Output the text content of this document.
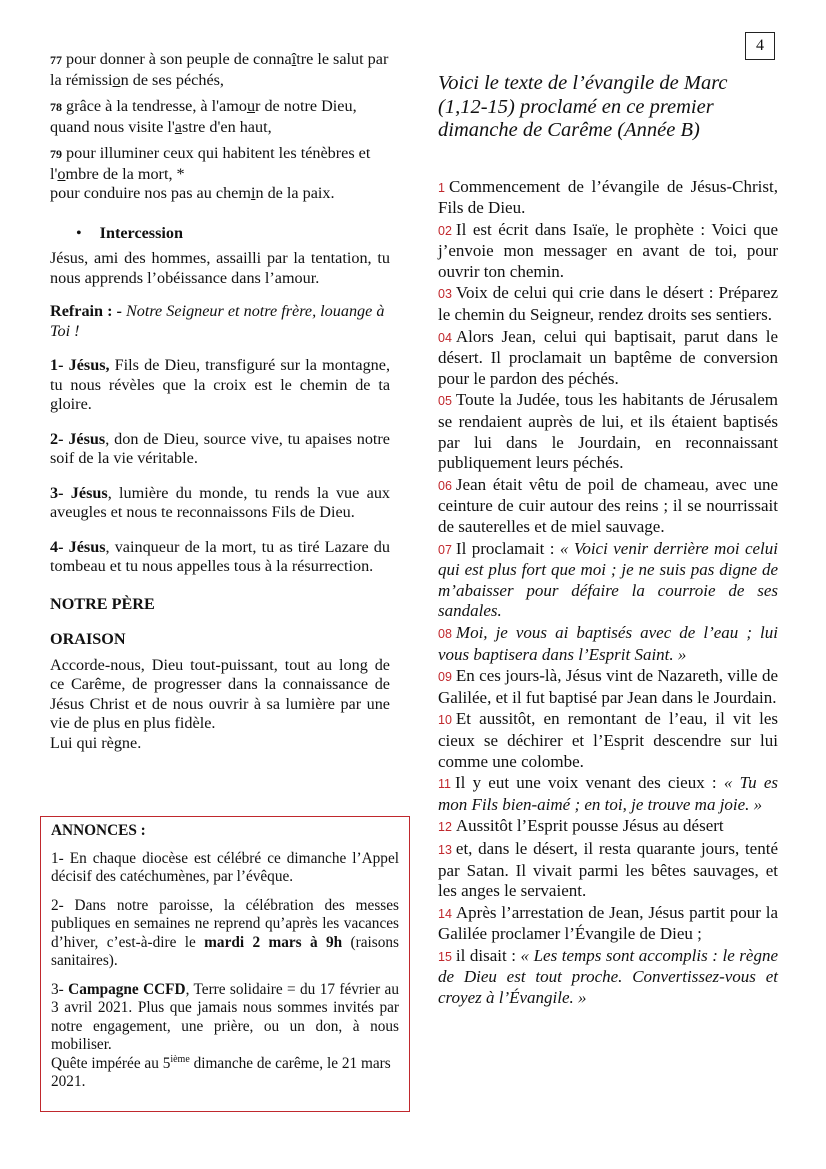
4

77 pour donner à son peuple de connaître le salut par la rémission de ses péchés,

78 grâce à la tendresse, à l'amour de notre Dieu,
quand nous visite l'astre d'en haut,

79 pour illuminer ceux qui habitent les ténèbres et l'ombre de la mort, *
pour conduire nos pas au chemin de la paix.

• Intercession

Jésus, ami des hommes, assailli par la tentation, tu nous apprends l’obéissance dans l’amour.

Refrain : - Notre Seigneur et notre frère, louange à Toi !

1- Jésus, Fils de Dieu, transfiguré sur la montagne, tu nous révèles que la croix est le chemin de ta gloire.

2- Jésus, don de Dieu, source vive, tu apaises notre soif de la vie véritable.

3- Jésus, lumière du monde, tu rends la vue aux aveugles et nous te reconnaissons Fils de Dieu.

4- Jésus, vainqueur de la mort, tu as tiré Lazare du tombeau et tu nous appelles tous à la résurrection.

NOTRE PÈRE

ORAISON

Accorde-nous, Dieu tout-puissant, tout au long de ce Carême, de progresser dans la connaissance de Jésus Christ et de nous ouvrir à sa lumière par une vie de plus en plus fidèle.
Lui qui règne.

ANNONCES :

1- En chaque diocèse est célébré ce dimanche l’Appel décisif des catéchumènes, par l’évêque.

2- Dans notre paroisse, la célébration des messes publiques en semaines ne reprend qu’après les vacances d’hiver, c’est-à-dire le mardi 2 mars à 9h (raisons sanitaires).

3- Campagne CCFD, Terre solidaire = du 17 février au 3 avril 2021. Plus que jamais nous sommes invités par notre engagement, une prière, ou un don, à nous mobiliser.

Quête impérée au 5ième dimanche de carême, le 21 mars 2021.

Voici le texte de l’évangile de Marc (1,12-15) proclamé en ce premier dimanche de Carême (Année B)

1 Commencement de l’évangile de Jésus-Christ, Fils de Dieu.
02 Il est écrit dans Isaïe, le prophète : Voici que j’envoie mon messager en avant de toi, pour ouvrir ton chemin.
03 Voix de celui qui crie dans le désert : Préparez le chemin du Seigneur, rendez droits ses sentiers.
04 Alors Jean, celui qui baptisait, parut dans le désert. Il proclamait un baptême de conversion pour le pardon des péchés.
05 Toute la Judée, tous les habitants de Jérusalem se rendaient auprès de lui, et ils étaient baptisés par lui dans le Jourdain, en reconnaissant publiquement leurs péchés.
06 Jean était vêtu de poil de chameau, avec une ceinture de cuir autour des reins ; il se nourrissait de sauterelles et de miel sauvage.
07 Il proclamait : « Voici venir derrière moi celui qui est plus fort que moi ; je ne suis pas digne de m’abaisser pour défaire la courroie de ses sandales.
08 Moi, je vous ai baptisés avec de l’eau ; lui vous baptisera dans l’Esprit Saint. »
09 En ces jours-là, Jésus vint de Nazareth, ville de Galilée, et il fut baptisé par Jean dans le Jourdain.
10 Et aussitôt, en remontant de l’eau, il vit les cieux se déchirer et l’Esprit descendre sur lui comme une colombe.
11 Il y eut une voix venant des cieux : « Tu es mon Fils bien-aimé ; en toi, je trouve ma joie. »
12 Aussitôt l’Esprit pousse Jésus au désert
13 et, dans le désert, il resta quarante jours, tenté par Satan. Il vivait parmi les bêtes sauvages, et les anges le servaient.
14 Après l’arrestation de Jean, Jésus partit pour la Galilée proclamer l’Évangile de Dieu ;
15 il disait : « Les temps sont accomplis : le règne de Dieu est tout proche. Convertissez-vous et croyez à l’Évangile. »
